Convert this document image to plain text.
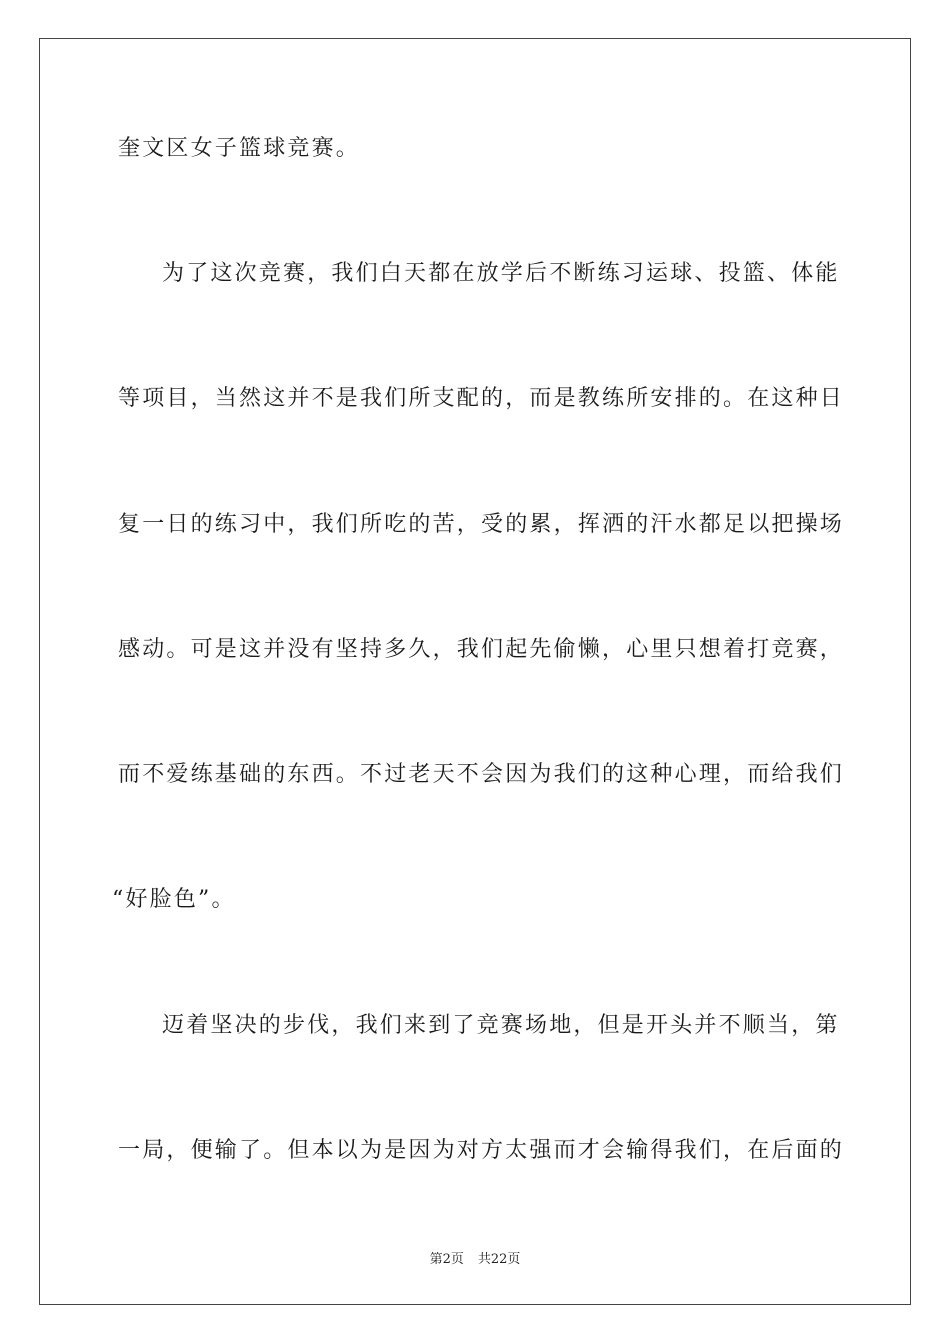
奎文区女子篮球竞赛。
为了这次竞赛，我们白天都在放学后不断练习运球、投篮、体能
等项目，当然这并不是我们所支配的，而是教练所安排的。在这种日
复一日的练习中，我们所吃的苦，受的累，挥洒的汗水都足以把操场
感动。可是这并没有坚持多久，我们起先偷懒，心里只想着打竞赛，
而不爱练基础的东西。不过老天不会因为我们的这种心理，而给我们
“好脸色”。
迈着坚决的步伐，我们来到了竞赛场地，但是开头并不顺当，第
一局，便输了。但本以为是因为对方太强而才会输得我们，在后面的
第2页 共22页
